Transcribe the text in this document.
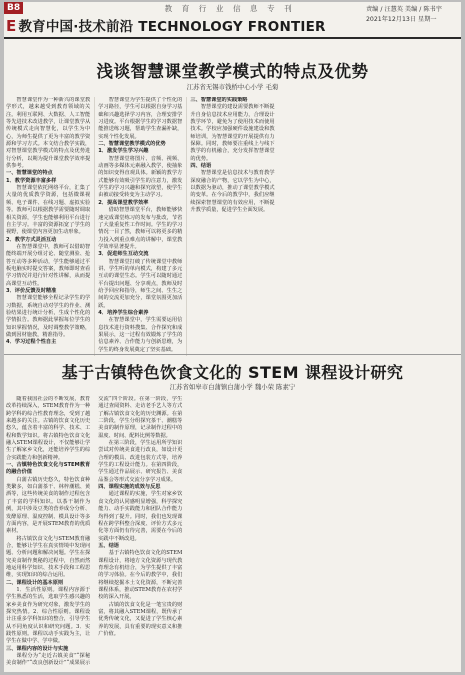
B8
E 教育中国·技术前沿 TECHNOLOGY FRONTIER
教 育 行 业 信 息 专 刊	责编 / 汪慧英 美编 / 陈书宇
2021年12月13日 星期一
浅谈智慧课堂教学模式的特点及优势
江苏省无锡市钱桥中心小学 毛菊

智慧课堂作为一种新兴的课堂教学形式，越来越受到教育领域的关注。利用互联网、大数据、人工智能等先进技术改进教学，让课堂教学从传统模式走向智慧化，以学生为中心，为师生提供了更为丰富的教学资源和学习方式。本文结合教学实践，对智慧课堂教学模式的特点及优势进行分析，以期为提升课堂教学效率提供参考。

一、智慧课堂的特点

1．教学资源丰富多样

智慧课堂依托网络平台，汇集了大量的优质教学资源，包括微课视频、电子课件、在线习题、虚拟实验等。教师可以根据教学需要随时调取相关资源，学生也能够利用平台进行自主学习。丰富的资源拓宽了学生的视野，使课堂内容更加生动形象。

2．教学方式灵活互动

在智慧课堂中，教师可以借助智能终端开展分组讨论、随堂测验、抢答互动等多种活动，学生能够通过平板电脑实时提交答案，教师即时查看学习情况并进行针对性讲解，从而提高课堂互动性。

3．评价反馈及时精准

智慧课堂能够全程记录学生的学习数据，系统自动对学生的作业、测验结果进行统计分析，生成个性化的学情报告。教师据此掌握每位学生的知识掌握情况，及时调整教学策略，做到因材施教，精准指导。

4．学习过程个性自主

智慧课堂为学生提供了个性化的学习路径，学生可以根据自身学习基础和兴趣选择学习内容，合理安排学习进度。平台根据学生的学习数据智能推送练习题，帮助学生查漏补缺，实现个性化发展。

二、智慧课堂教学模式的优势

1．激发学生学习兴趣

智慧课堂将图片、音频、视频、动画等多媒体元素融入教学，使抽象的知识变得直观具体。新颖的教学方式能够有效吸引学生的注意力，激发学生的学习兴趣和探究欲望，使学生由被动接受转变为主动学习。

2．提高课堂教学效率

借助智慧课堂平台，教师能够快速完成课堂练习的发布与批改，节省了大量重复性工作时间。学生的学习情况一目了然，教师可以将更多的精力投入到重点难点的讲解中，课堂教学效率显著提升。

3．促进师生互动交流

智慧课堂打破了传统课堂中教师讲、学生听的单向模式，构建了多元互动的课堂生态。学生可以随时通过平台提出问题、分享观点，教师及时给予回应和指导，师生之间、生生之间的交流更加充分，课堂氛围更加活跃。

4．培养学生综合素养

在智慧课堂中，学生需要运用信息技术进行资料搜集、合作探究和成果展示，这一过程有效锻炼了学生的信息素养、合作能力与创新思维，为学生的终身发展奠定了坚实基础。

三、智慧课堂的实践策略

智慧课堂的建设需要教师不断提升自身信息技术应用能力，合理设计教学环节，避免为了使用技术而使用技术。学校应加强硬件设施建设和教师培训，为智慧课堂的开展提供有力保障。同时，教师要注重线上与线下教学的有机融合，充分发挥智慧课堂的优势。

四、结语

智慧课堂是信息技术与教育教学深度融合的产物，它以学生为中心，以数据为驱动，推动了课堂教学模式的变革。在今后的教学中，我们应继续探索智慧课堂的有效应用，不断提升教学质量，促进学生全面发展。

基于古镇特色饮食文化的 STEM 课程设计研究
江苏省如皋市白蒲镇白蒲小学 魏小荣 陈素宁

随着我国社会的不断发展，教育改革持续深入，STEM教育作为一种跨学科的综合性教育理念，受到了越来越多的关注。古镇的饮食文化历史悠久，蕴含着丰富的科学、技术、工程和数学知识。将古镇特色饮食文化融入STEM课程设计，不仅能够让学生了解家乡文化，还能培养学生的综合实践能力和创新精神。

一、古镇特色饮食文化与STEM教育的融合价值

白蒲古镇历史悠久，特色饮食种类繁多，如白蒲茶干、林梓潮糕、黄酒等，这些传统美食的制作过程包含了丰富的学科知识。以茶干制作为例，其中涉及豆类的营养成分分析、发酵原理、温度控制、模具设计等多方面内容，是开展STEM教育的优质素材。

将古镇饮食文化与STEM教育融合，能够让学生在真实情境中发现问题、分析问题和解决问题。学生在探究美食制作奥秘的过程中，自然而然地运用科学知识、技术手段和工程思维，实现知识的综合运用。

二、课程设计的基本原则

1．生活性原则。课程内容源于学生熟悉的生活，选取学生感兴趣的家乡美食作为研究对象，激发学生的探究热情。2．综合性原则。课程设计注重多学科知识的整合，引导学生从不同角度认识和研究问题。3．实践性原则。课程以动手实践为主，让学生在做中学、学中做。

三、课程内容的设计与实施

课程分为“走近古镇美食”“探秘美食制作”“改良创新设计”“成果展示交流”四个阶段。在第一阶段，学生通过查阅资料、走访老手艺人等方式了解古镇饮食文化的历史渊源。在第二阶段，学生分组探究茶干、潮糕等美食的制作原理，记录制作过程中的温度、时间、配料比例等数据。

在第三阶段，学生运用所学知识尝试对传统美食进行改良，如设计更合理的模具、改进包装方式等，培养学生的工程设计能力。在第四阶段，学生通过作品展示、研究报告、美食品鉴会等形式交流分享学习成果。

四、课程实施的成效与反思

通过课程的实施，学生对家乡饮食文化的认同感明显增强，科学探究能力、动手实践能力和团队合作能力均得到了提升。同时，我们也发现课程在跨学科整合深度、评价方式多元化等方面仍有待完善，需要在今后的实践中不断改进。

五、结语

基于古镇特色饮食文化的STEM课程设计，将地方文化资源与现代教育理念有机结合，为学生提供了丰富的学习体验。在今后的教学中，我们将继续挖掘本土文化资源，不断完善课程体系，推动STEM教育在农村学校的深入开展。

古镇的饮食文化是一笔宝贵的财富，将其融入STEM课程，既传承了优秀传统文化，又促进了学生核心素养的发展，具有重要的现实意义和推广价值。
